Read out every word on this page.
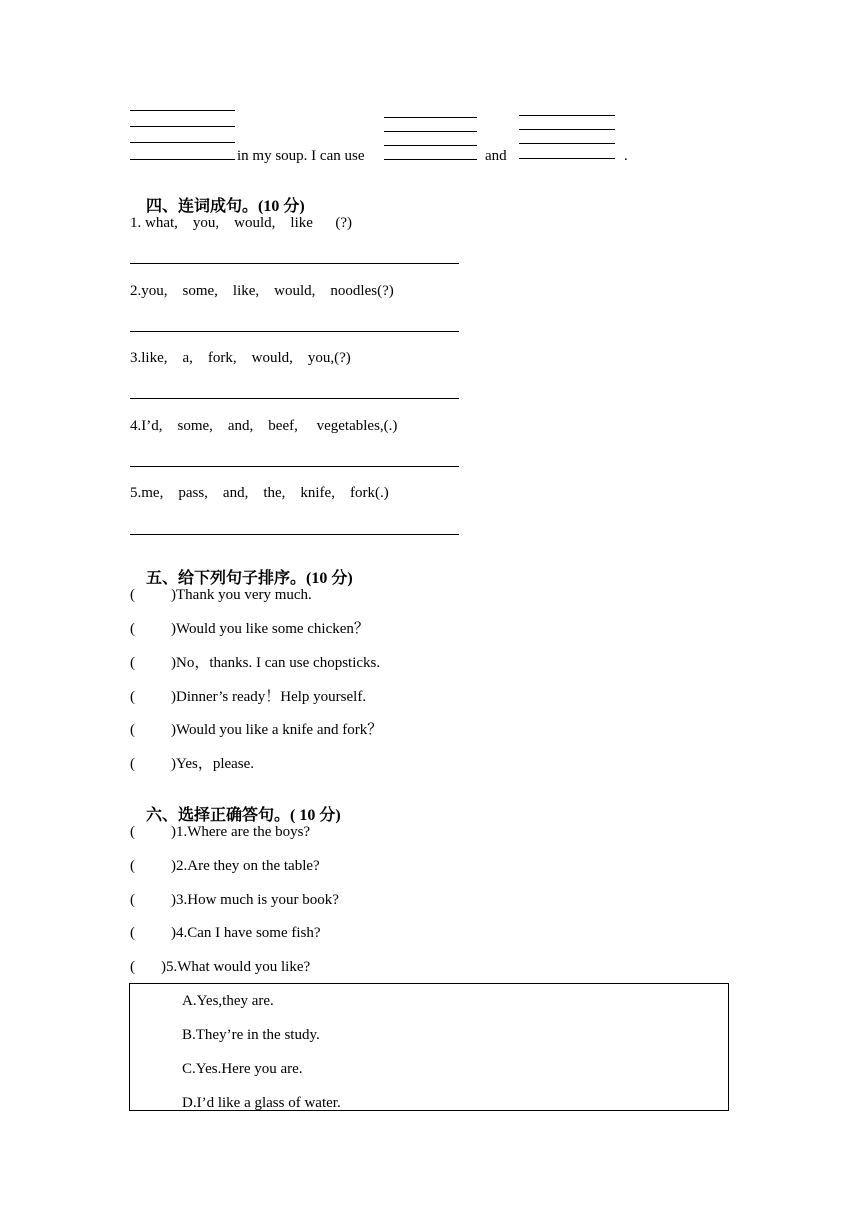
in my soup. I can use	and	.

四、连词成句。(10 分)

1. what,    you,    would,    like      (?)
2.you,    some,    like,    would,    noodles(?)
3.like,    a,    fork,    would,    you,(?)
4.I’d,    some,    and,    beef,     vegetables,(.)
5.me,    pass,    and,    the,    knife,    fork(.)

五、给下列句子排序。(10 分)

( )Thank you very much.
( )Would you like some chicken？
( )No，thanks. I can use chopsticks.
( )Dinner’s ready！Help yourself.
( )Would you like a knife and fork？
( )Yes，please.

六、选择正确答句。( 10 分)

( )1.Where are the boys?
( )2.Are they on the table?
( )3.How much is your book?
( )4.Can I have some fish?
( )5.What would you like?
A.Yes,they are.
B.They’re in the study.
C.Yes.Here you are.
D.I’d like a glass of water.
